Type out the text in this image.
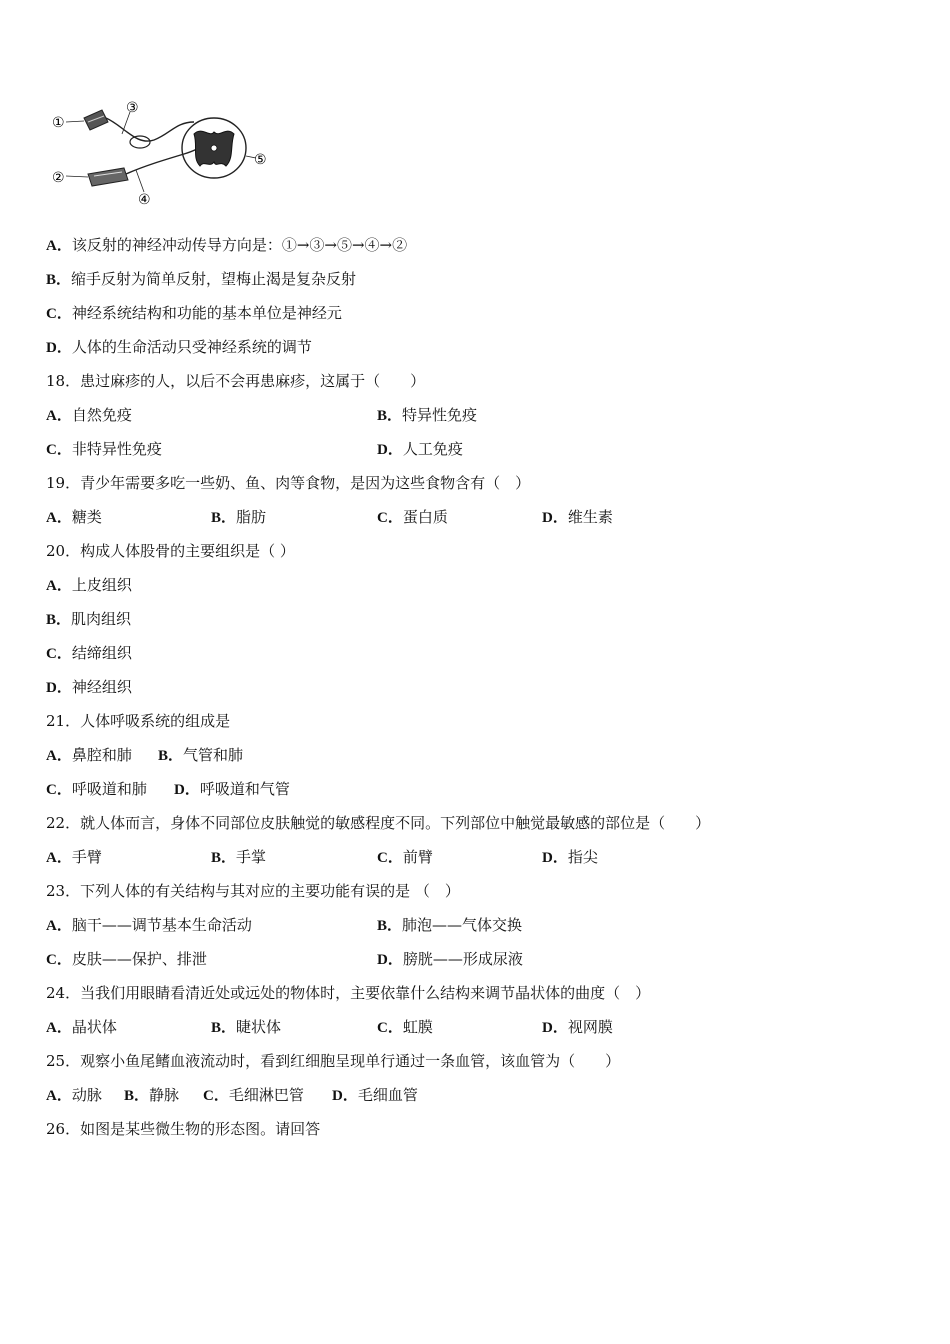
①
②
③
④
⑤
A．该反射的神经冲动传导方向是：①→③→⑤→④→②
B．缩手反射为简单反射，望梅止渴是复杂反射
C．神经系统结构和功能的基本单位是神经元
D．人体的生命活动只受神经系统的调节
18．患过麻疹的人，以后不会再患麻疹，这属于（　　）
A．自然免疫	B．特异性免疫
C．非特异性免疫	D．人工免疫
19．青少年需要多吃一些奶、鱼、肉等食物，是因为这些食物含有（　）
A．糖类	B．脂肪	C．蛋白质	D．维生素
20．构成人体股骨的主要组织是（ ）
A．上皮组织
B．肌肉组织
C．结缔组织
D．神经组织
21．人体呼吸系统的组成是
A．鼻腔和肺 B．气管和肺
C．呼吸道和肺 D．呼吸道和气管
22．就人体而言，身体不同部位皮肤触觉的敏感程度不同。下列部位中触觉最敏感的部位是（　　）
A．手臂	B．手掌	C．前臂	D．指尖
23．下列人体的有关结构与其对应的主要功能有误的是 （　）
A．脑干——调节基本生命活动	B．肺泡——气体交换
C．皮肤——保护、排泄	D．膀胱——形成尿液
24．当我们用眼睛看清近处或远处的物体时，主要依靠什么结构来调节晶状体的曲度（　）
A．晶状体	B．睫状体	C．虹膜	D．视网膜
25．观察小鱼尾鳍血液流动时，看到红细胞呈现单行通过一条血管，该血管为（　　）
A．动脉 B．静脉 C．毛细淋巴管 D．毛细血管
26．如图是某些微生物的形态图。请回答
